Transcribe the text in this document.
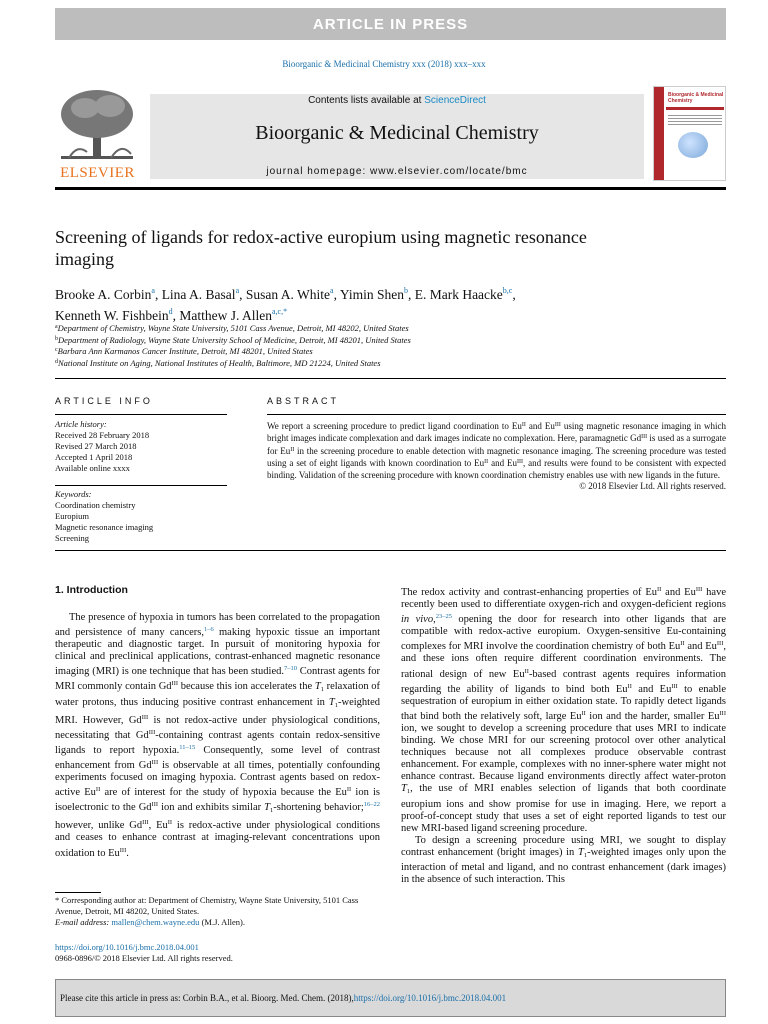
ARTICLE IN PRESS
Bioorganic & Medicinal Chemistry xxx (2018) xxx–xxx
ELSEVIER
Contents lists available at ScienceDirect
Bioorganic & Medicinal Chemistry
journal homepage: www.elsevier.com/locate/bmc
Bioorganic & Medicinal Chemistry
Screening of ligands for redox-active europium using magnetic resonance imaging
Brooke A. Corbin$^a$, Lina A. Basal$^a$, Susan A. White$^a$, Yimin Shen$^b$, E. Mark Haacke$^{b,c}$,
Kenneth W. Fishbein$^d$, Matthew J. Allen$^{a,c,*}$
$^a$Department of Chemistry, Wayne State University, 5101 Cass Avenue, Detroit, MI 48202, United States
$^b$Department of Radiology, Wayne State University School of Medicine, Detroit, MI 48201, United States
$^c$Barbara Ann Karmanos Cancer Institute, Detroit, MI 48201, United States
$^d$National Institute on Aging, National Institutes of Health, Baltimore, MD 21224, United States
ARTICLE INFO
Article history:
Received 28 February 2018
Revised 27 March 2018
Accepted 1 April 2018
Available online xxxx
Keywords:
Coordination chemistry
Europium
Magnetic resonance imaging
Screening
ABSTRACT
We report a screening procedure to predict ligand coordination to $Eu^{II}$ and $Eu^{III}$ using magnetic resonance imaging in which bright images indicate complexation and dark images indicate no complexation. Here, paramagnetic $Gd^{III}$ is used as a surrogate for $Eu^{II}$ in the screening procedure to enable detection with magnetic resonance imaging. The screening procedure was tested using a set of eight ligands with known coordination to $Eu^{II}$ and $Eu^{III}$, and results were found to be consistent with expected binding. Validation of the screening procedure with known coordination chemistry enables use with new ligands in the future.
© 2018 Elsevier Ltd. All rights reserved.
1. Introduction

The presence of hypoxia in tumors has been correlated to the propagation and persistence of many cancers,$^{1-6}$ making hypoxic tissue an important therapeutic and diagnostic target. In pursuit of monitoring hypoxia for clinical and preclinical applications, contrast-enhanced magnetic resonance imaging (MRI) is one technique that has been studied.$^{7-10}$ Contrast agents for MRI commonly contain $Gd^{III}$ because this ion accelerates the $T_1$ relaxation of water protons, thus inducing positive contrast enhancement in $T_1$-weighted MRI. However, $Gd^{III}$ is not redox-active under physiological conditions, necessitating that $Gd^{III}$-containing contrast agents contain redox-sensitive ligands to report hypoxia.$^{11-15}$ Consequently, some level of contrast enhancement from $Gd^{III}$ is observable at all times, potentially confounding experiments focused on imaging hypoxia. Contrast agents based on redox-active $Eu^{II}$ are of interest for the study of hypoxia because the $Eu^{II}$ ion is isoelectronic to the $Gd^{III}$ ion and exhibits similar $T_1$-shortening behavior;$^{16-22}$ however, unlike $Gd^{III}$, $Eu^{II}$ is redox-active under physiological conditions and ceases to enhance contrast at imaging-relevant concentrations upon oxidation to $Eu^{III}$.

The redox activity and contrast-enhancing properties of $Eu^{II}$ and $Eu^{III}$ have recently been used to differentiate oxygen-rich and oxygen-deficient regions in vivo,$^{23-25}$ opening the door for research into other ligands that are compatible with redox-active europium. Oxygen-sensitive Eu-containing complexes for MRI involve the coordination chemistry of both $Eu^{II}$ and $Eu^{III}$, and these ions often require different coordination environments. The rational design of new $Eu^{II}$-based contrast agents requires information regarding the ability of ligands to bind both $Eu^{II}$ and $Eu^{III}$ to enable sequestration of europium in either oxidation state. To rapidly detect ligands that bind both the relatively soft, large $Eu^{II}$ ion and the harder, smaller $Eu^{III}$ ion, we sought to develop a screening procedure that uses MRI to indicate binding. We chose MRI for our screening protocol over other analytical techniques because not all complexes produce observable contrast enhancement. For example, complexes with no inner-sphere water might not enhance contrast. Because ligand environments directly affect water-proton $T_1$, the use of MRI enables selection of ligands that both coordinate europium ions and show promise for use in imaging. Here, we report a proof-of-concept study that uses a set of eight reported ligands to test our new MRI-based ligand screening procedure.

To design a screening procedure using MRI, we sought to display contrast enhancement (bright images) in $T_1$-weighted images only upon the interaction of metal and ligand, and no contrast enhancement (dark images) in the absence of such interaction. This

* Corresponding author at: Department of Chemistry, Wayne State University, 5101 Cass Avenue, Detroit, MI 48202, United States.
E-mail address: mallen@chem.wayne.edu (M.J. Allen).
https://doi.org/10.1016/j.bmc.2018.04.001
0968-0896/© 2018 Elsevier Ltd. All rights reserved.
Please cite this article in press as: Corbin B.A., et al. Bioorg. Med. Chem. (2018), https://doi.org/10.1016/j.bmc.2018.04.001
